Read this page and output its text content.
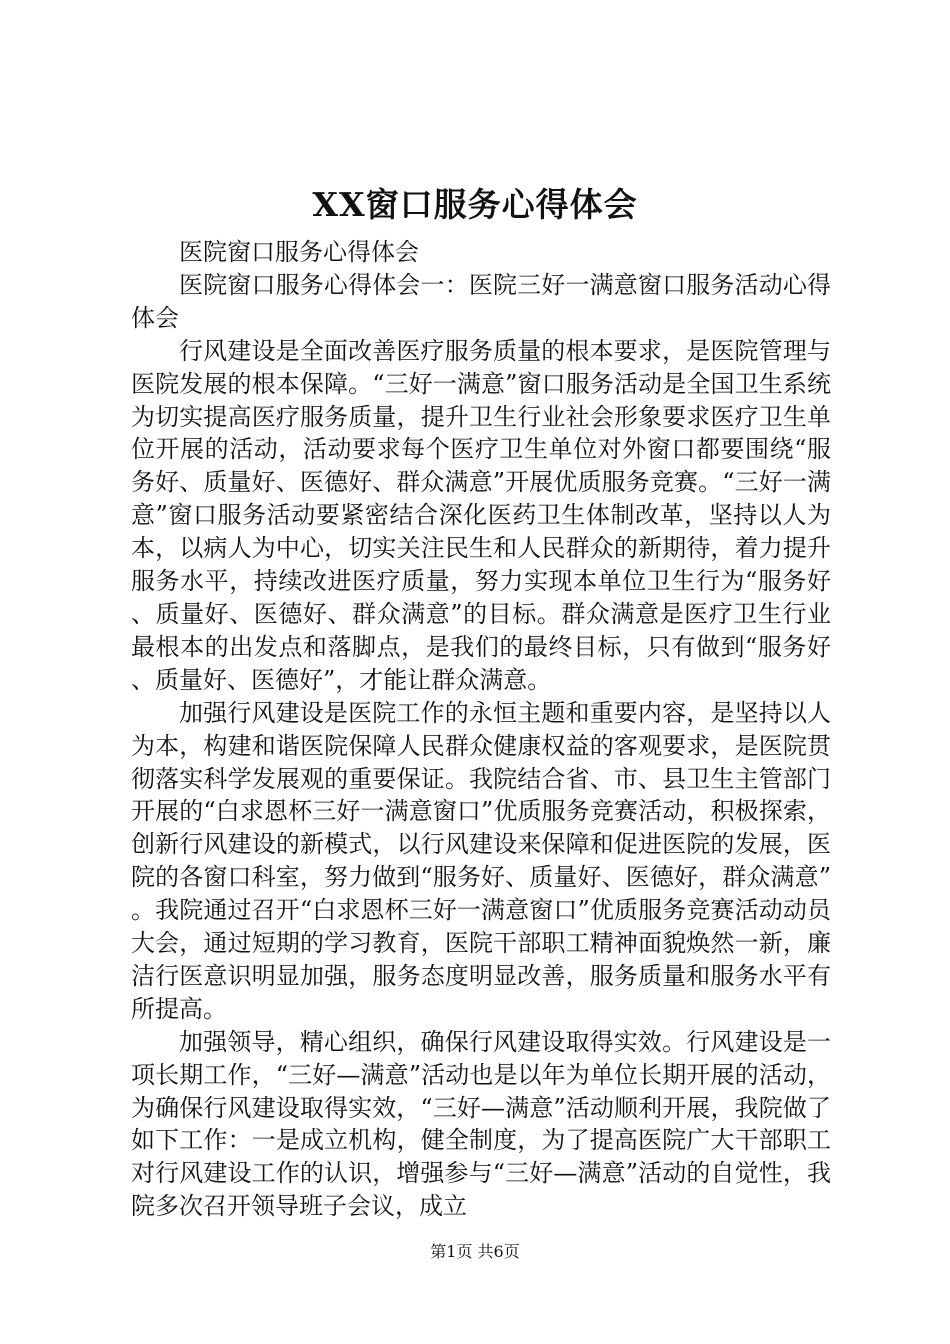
XX窗口服务心得体会

医院窗口服务心得体会

医院窗口服务心得体会一：医院三好一满意窗口服务活动心得体会

行风建设是全面改善医疗服务质量的根本要求，是医院管理与医院发展的根本保障。“三好一满意”窗口服务活动是全国卫生系统为切实提高医疗服务质量，提升卫生行业社会形象要求医疗卫生单位开展的活动，活动要求每个医疗卫生单位对外窗口都要围绕“服务好、质量好、医德好、群众满意”开展优质服务竞赛。“三好一满意”窗口服务活动要紧密结合深化医药卫生体制改革，坚持以人为本，以病人为中心，切实关注民生和人民群众的新期待，着力提升服务水平，持续改进医疗质量，努力实现本单位卫生行为“服务好、质量好、医德好、群众满意”的目标。群众满意是医疗卫生行业最根本的出发点和落脚点，是我们的最终目标，只有做到“服务好、质量好、医德好”，才能让群众满意。

加强行风建设是医院工作的永恒主题和重要内容，是坚持以人为本，构建和谐医院保障人民群众健康权益的客观要求，是医院贯彻落实科学发展观的重要保证。我院结合省、市、县卫生主管部门开展的“白求恩杯三好一满意窗口”优质服务竞赛活动，积极探索，创新行风建设的新模式，以行风建设来保障和促进医院的发展，医院的各窗口科室，努力做到“服务好、质量好、医德好，群众满意”。我院通过召开“白求恩杯三好一满意窗口”优质服务竞赛活动动员大会，通过短期的学习教育，医院干部职工精神面貌焕然一新，廉洁行医意识明显加强，服务态度明显改善，服务质量和服务水平有所提高。

加强领导，精心组织，确保行风建设取得实效。行风建设是一项长期工作，“三好—满意”活动也是以年为单位长期开展的活动，为确保行风建设取得实效，“三好—满意”活动顺利开展，我院做了如下工作：一是成立机构，健全制度，为了提高医院广大干部职工对行风建设工作的认识，增强参与“三好—满意”活动的自觉性，我院多次召开领导班子会议，成立

第1页 共6页
